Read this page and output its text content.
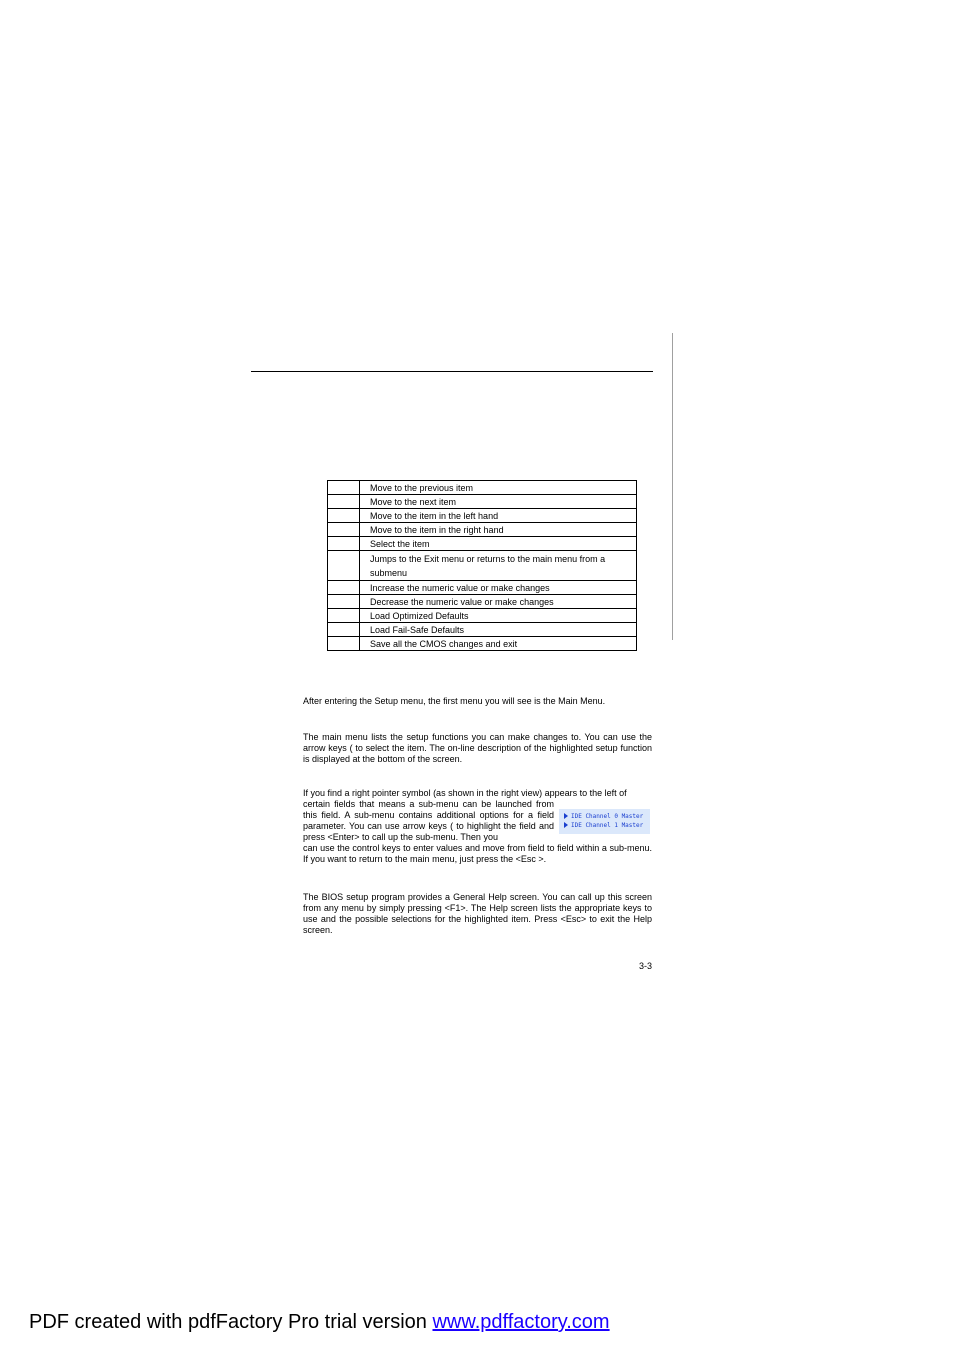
	Move to the previous item
	Move to the next item
	Move to the item in the left hand
	Move to the item in the right hand
	Select the item
	Jumps to the Exit menu or returns to the main menu from a submenu
	Increase the numeric value or make changes
	Decrease the numeric value or make changes
	Load Optimized Defaults
	Load Fail-Safe Defaults
	Save all the CMOS changes and exit
After entering the Setup menu, the first menu you will see is the Main Menu.
The main menu lists the setup functions you can make changes to. You can use the arrow keys ( to select the item. The on-line description of the highlighted setup function is displayed at the bottom of the screen.
If you find a right pointer symbol (as shown in the right view) appears to the left of
certain fields that means a sub-menu can be launched from this field. A sub-menu contains additional options for a field parameter. You can use arrow keys ( to highlight the field and press <Enter> to call up the sub-menu. Then you
can use the control keys to enter values and move from field to field within a sub-menu. If you want to return to the main menu, just press the <Esc >.
IDE Channel 0 Master
IDE Channel 1 Master
The BIOS setup program provides a General Help screen. You can call up this screen from any menu by simply pressing <F1>. The Help screen lists the appropriate keys to use and the possible selections for the highlighted item. Press <Esc> to exit the Help screen.
3-3
PDF created with pdfFactory Pro trial version www.pdffactory.com
